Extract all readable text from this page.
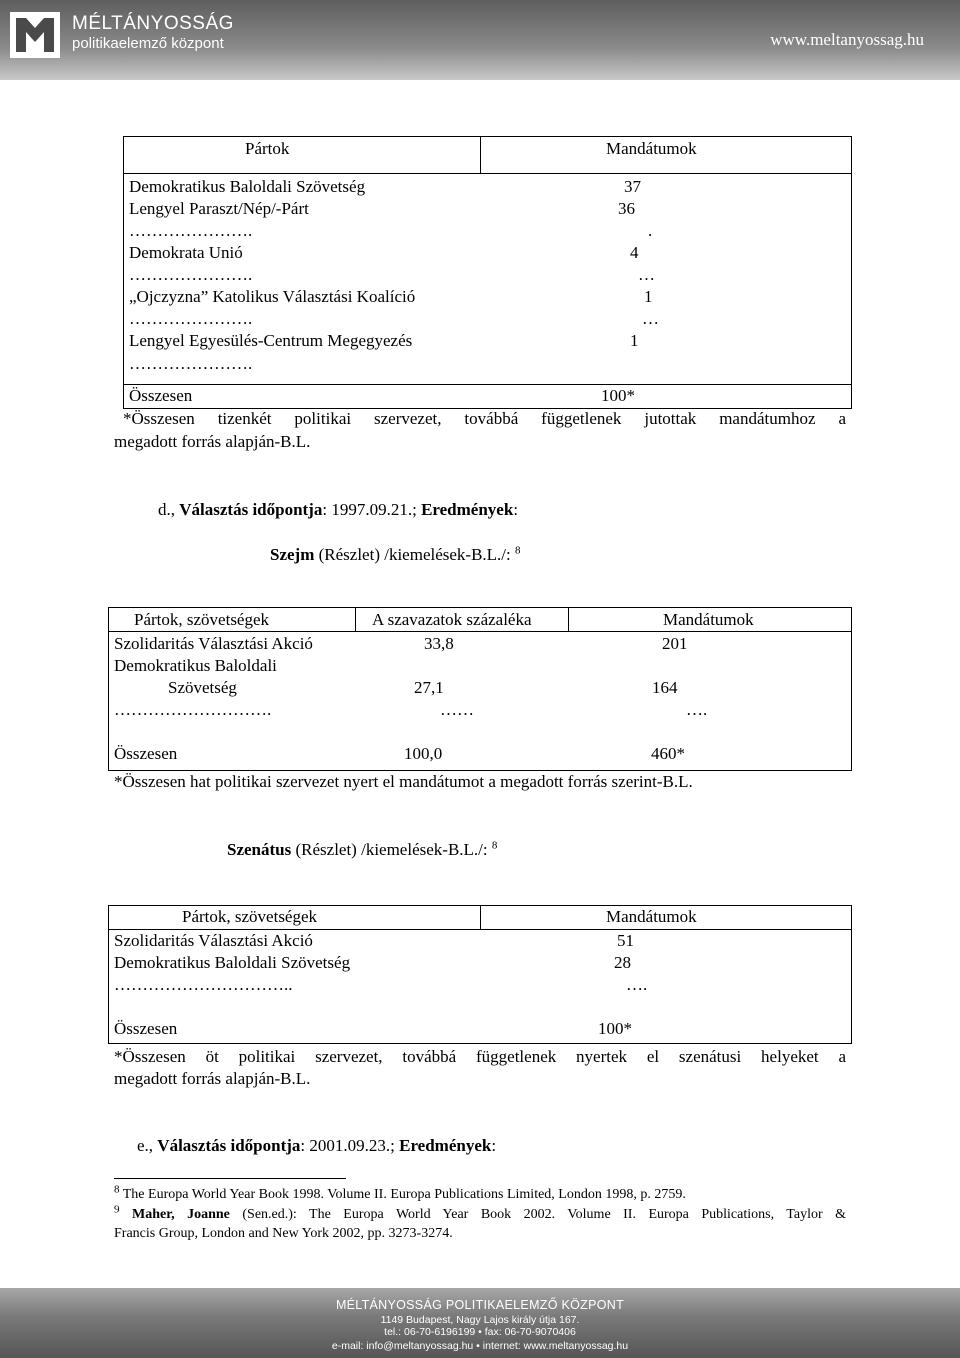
MÉLTÁNYOSSÁG
politikaelemző központ	www.meltanyossag.hu
Pártok	Mandátumok
Demokratikus Baloldali Szövetség	37
Lengyel Paraszt/Nép/-Párt	36
………………….	.
Demokrata Unió	4
………………….	…
„Ojczyzna” Katolikus Választási Koalíció	1
………………….	…
Lengyel Egyesülés-Centrum Megegyezés	1
………………….
Összesen	100*
*Összesen tizenkét politikai szervezet, továbbá függetlenek jutottak mandátumhoz a
megadott forrás alapján-B.L.
d., Választás időpontja: 1997.09.21.; Eredmények:
Szejm (Részlet) /kiemelések-B.L./: $^8$
Pártok, szövetségek	A szavazatok százaléka	Mandátumok
Szolidaritás Választási Akció	33,8	201
Demokratikus Baloldali
Szövetség	27,1	164
……………………….	……	….
Összesen	100,0	460*
*Összesen hat politikai szervezet nyert el mandátumot a megadott forrás szerint-B.L.
Szenátus (Részlet) /kiemelések-B.L./: $^8$
Pártok, szövetségek	Mandátumok
Szolidaritás Választási Akció	51
Demokratikus Baloldali Szövetség	28
…………………………..	….
Összesen	100*
*Összesen öt politikai szervezet, továbbá függetlenek nyertek el szenátusi helyeket a
megadott forrás alapján-B.L.
e., Választás időpontja: 2001.09.23.; Eredmények:
$^8$ The Europa World Year Book 1998. Volume II. Europa Publications Limited, London 1998, p. 2759.
$^9$ Maher, Joanne (Sen.ed.): The Europa World Year Book 2002. Volume II. Europa Publications, Taylor &
Francis Group, London and New York 2002, pp. 3273-3274.
MÉLTÁNYOSSÁG POLITIKAELEMZŐ KÖZPONT
1149 Budapest, Nagy Lajos király útja 167.
tel.: 06-70-6196199 • fax: 06-70-9070406
e-mail: info@meltanyossag.hu • internet: www.meltanyossag.hu
